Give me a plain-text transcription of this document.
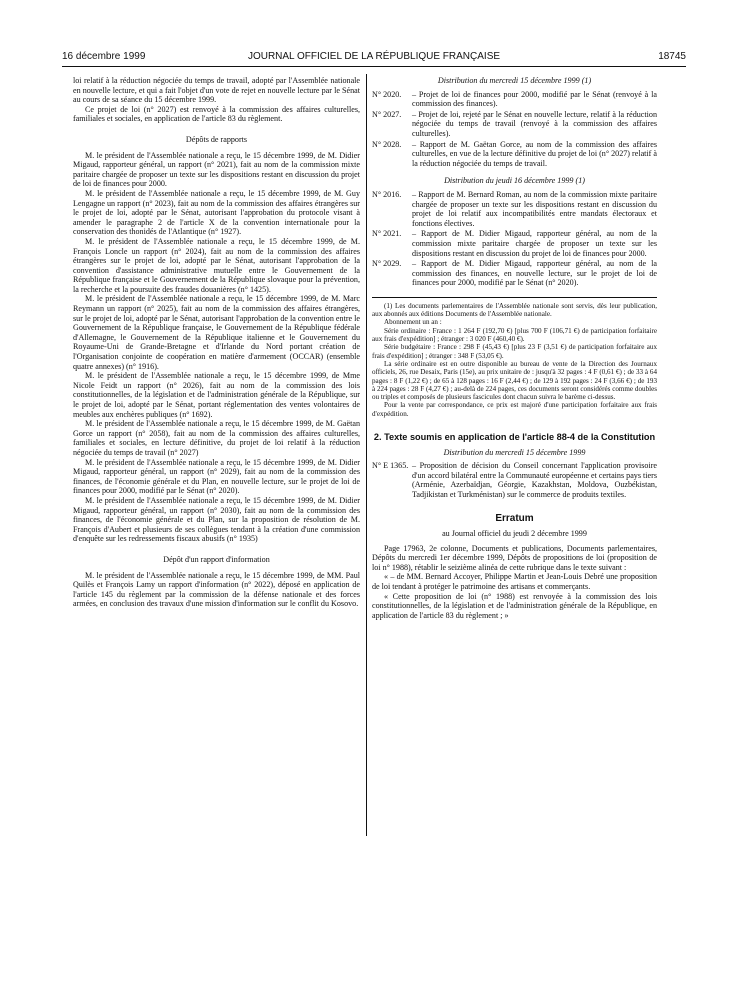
16 décembre 1999	JOURNAL OFFICIEL DE LA RÉPUBLIQUE FRANÇAISE	18745

loi relatif à la réduction négociée du temps de travail, adopté par l'Assemblée nationale en nouvelle lecture, et qui a fait l'objet d'un vote de rejet en nouvelle lecture par le Sénat au cours de sa séance du 15 décembre 1999.

Ce projet de loi (n° 2027) est renvoyé à la commission des affaires culturelles, familiales et sociales, en application de l'article 83 du règlement.

Dépôts de rapports

M. le président de l'Assemblée nationale a reçu, le 15 décembre 1999, de M. Didier Migaud, rapporteur général, un rapport (n° 2021), fait au nom de la commission mixte paritaire chargée de proposer un texte sur les dispositions restant en discussion du projet de loi de finances pour 2000.

M. le président de l'Assemblée nationale a reçu, le 15 décembre 1999, de M. Guy Lengagne un rapport (n° 2023), fait au nom de la commission des affaires étrangères sur le projet de loi, adopté par le Sénat, autorisant l'approbation du protocole visant à amender le paragraphe 2 de l'article X de la convention internationale pour la conservation des thonidés de l'Atlantique (n° 1927).

M. le président de l'Assemblée nationale a reçu, le 15 décembre 1999, de M. François Loncle un rapport (n° 2024), fait au nom de la commission des affaires étrangères sur le projet de loi, adopté par le Sénat, autorisant l'approbation de la convention d'assistance administrative mutuelle entre le Gouvernement de la République française et le Gouvernement de la République slovaque pour la prévention, la recherche et la poursuite des fraudes douanières (n° 1425).

M. le président de l'Assemblée nationale a reçu, le 15 décembre 1999, de M. Marc Reymann un rapport (n° 2025), fait au nom de la commission des affaires étrangères, sur le projet de loi, adopté par le Sénat, autorisant l'approbation de la convention entre le Gouvernement de la République française, le Gouvernement de la République fédérale d'Allemagne, le Gouvernement de la République italienne et le Gouvernement du Royaume-Uni de Grande-Bretagne et d'Irlande du Nord portant création de l'Organisation conjointe de coopération en matière d'armement (OCCAR) (ensemble quatre annexes) (n° 1916).

M. le président de l'Assemblée nationale a reçu, le 15 décembre 1999, de Mme Nicole Feidt un rapport (n° 2026), fait au nom de la commission des lois constitutionnelles, de la législation et de l'administration générale de la République, sur le projet de loi, adopté par le Sénat, portant réglementation des ventes volontaires de meubles aux enchères publiques (n° 1692).

M. le président de l'Assemblée nationale a reçu, le 15 décembre 1999, de M. Gaëtan Gorce un rapport (n° 2058), fait au nom de la commission des affaires culturelles, familiales et sociales, en lecture définitive, du projet de loi relatif à la réduction négociée du temps de travail (n° 2027)

M. le président de l'Assemblée nationale a reçu, le 15 décembre 1999, de M. Didier Migaud, rapporteur général, un rapport (n° 2029), fait au nom de la commission des finances, de l'économie générale et du Plan, en nouvelle lecture, sur le projet de loi de finances pour 2000, modifié par le Sénat (n° 2020).

M. le président de l'Assemblée nationale a reçu, le 15 décembre 1999, de M. Didier Migaud, rapporteur général, un rapport (n° 2030), fait au nom de la commission des finances, de l'économie générale et du Plan, sur la proposition de résolution de M. François d'Aubert et plusieurs de ses collègues tendant à la création d'une commission d'enquête sur les redressements fiscaux abusifs (n° 1935)

Dépôt d'un rapport d'information

M. le président de l'Assemblée nationale a reçu, le 15 décembre 1999, de MM. Paul Quilès et François Lamy un rapport d'information (n° 2022), déposé en application de l'article 145 du règlement par la commission de la défense nationale et des forces armées, en conclusion des travaux d'une mission d'information sur le conflit du Kosovo.

Distribution du mercredi 15 décembre 1999 (1)

N° 2020. – Projet de loi de finances pour 2000, modifié par le Sénat (renvoyé à la commission des finances).
N° 2027. – Projet de loi, rejeté par le Sénat en nouvelle lecture, relatif à la réduction négociée du temps de travail (renvoyé à la commission des affaires culturelles).
N° 2028. – Rapport de M. Gaëtan Gorce, au nom de la commission des affaires culturelles, en vue de la lecture définitive du projet de loi (n° 2027) relatif à la réduction négociée du temps de travail.

Distribution du jeudi 16 décembre 1999 (1)

N° 2016. – Rapport de M. Bernard Roman, au nom de la commission mixte paritaire chargée de proposer un texte sur les dispositions restant en discussion du projet de loi relatif aux incompatibilités entre mandats électoraux et fonctions électives.
N° 2021. – Rapport de M. Didier Migaud, rapporteur général, au nom de la commission mixte paritaire chargée de proposer un texte sur les dispositions restant en discussion du projet de loi de finances pour 2000.
N° 2029. – Rapport de M. Didier Migaud, rapporteur général, au nom de la commission des finances, en nouvelle lecture, sur le projet de loi de finances pour 2000, modifié par le Sénat (n° 2020).

(1) Les documents parlementaires de l'Assemblée nationale sont servis, dès leur publication, aux abonnés aux éditions Documents de l'Assemblée nationale.

Abonnement un an :

Série ordinaire : France : 1 264 F (192,70 €) [plus 700 F (106,71 €) de participation forfaitaire aux frais d'expédition] ; étranger : 3 020 F (460,40 €).

Série budgétaire : France : 298 F (45,43 €) [plus 23 F (3,51 €) de participation forfaitaire aux frais d'expédition] ; étranger : 348 F (53,05 €).

La série ordinaire est en outre disponible au bureau de vente de la Direction des Journaux officiels, 26, rue Desaix, Paris (15e), au prix unitaire de : jusqu'à 32 pages : 4 F (0,61 €) ; de 33 à 64 pages : 8 F (1,22 €) ; de 65 à 128 pages : 16 F (2,44 €) ; de 129 à 192 pages : 24 F (3,66 €) ; de 193 à 224 pages : 28 F (4,27 €) ; au-delà de 224 pages, ces documents seront considérés comme doubles ou triples et composés de plusieurs fascicules dont chacun suivra le barème ci-dessus.

Pour la vente par correspondance, ce prix est majoré d'une participation forfaitaire aux frais d'expédition.

2. Texte soumis en application de l'article 88-4 de la Constitution

Distribution du mercredi 15 décembre 1999

N° E 1365. – Proposition de décision du Conseil concernant l'application provisoire d'un accord bilatéral entre la Communauté européenne et certains pays tiers (Arménie, Azerbaïdjan, Géorgie, Kazakhstan, Moldova, Ouzbékistan, Tadjikistan et Turkménistan) sur le commerce de produits textiles.

Erratum

au Journal officiel du jeudi 2 décembre 1999

Page 17963, 2e colonne, Documents et publications, Documents parlementaires, Dépôts du mercredi 1er décembre 1999, Dépôts de propositions de loi (proposition de loi n° 1988), rétablir le seizième alinéa de cette rubrique dans le texte suivant :

« – de MM. Bernard Accoyer, Philippe Martin et Jean-Louis Debré une proposition de loi tendant à protéger le patrimoine des artisans et commerçants.

« Cette proposition de loi (n° 1988) est renvoyée à la commission des lois constitutionnelles, de la législation et de l'administration générale de la République, en application de l'article 83 du règlement ; »
